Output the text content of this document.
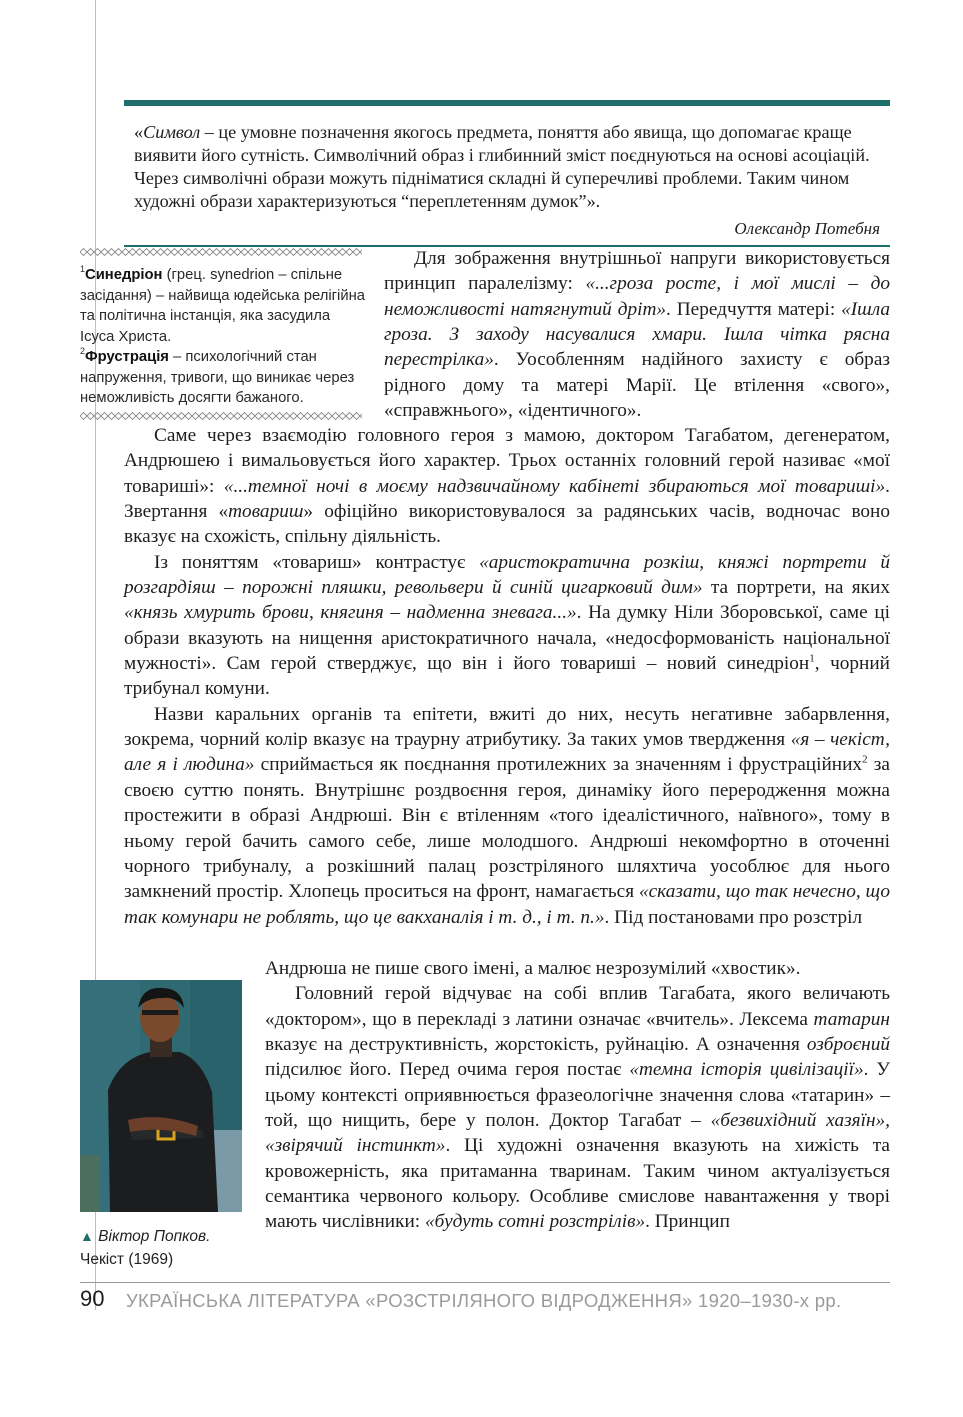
«Символ – це умовне позначення якогось предмета, поняття або явища, що допомагає краще виявити його сутність. Символічний образ і глибинний зміст поєднуються на основі асоціацій. Через символічні образи можуть підніматися складні й суперечливі проблеми. Таким чином художні образи характеризуються “переплетенням думок”».

Олександр Потебня

$^1$Синедріон (грец. synedrion – спільне засідання) – найвища юдейська релігійна та політична інстанція, яка засудила Ісуса Христа.

$^2$Фрустрація – психологічний стан напруження, тривоги, що виникає через неможливість досягти бажаного.

Для зображення внутрішньої напруги використовується принцип паралелізму: «...гроза росте, і мої мислі – до неможливості натягнутий дріт». Передчуття матері: «Ішла гроза. З заходу насувалися хмари. Ішла чітка рясна перестрілка». Уособленням надійного захисту є образ рідного дому та матері Марії. Це втілення «свого», «справжнього», «ідентичного».

Саме через взаємодію головного героя з мамою, доктором Тагабатом, дегенератом, Андрюшею і вимальовується його характер. Трьох останніх головний герой називає «мої товариші»: «...темної ночі в моєму надзвичайному кабінеті збираються мої товариші». Звертання «товариш» офіційно використовувалося за радянських часів, водночас воно вказує на схожість, спільну діяльність.

Із поняттям «товариш» контрастує «аристократична розкіш, княжі портрети й розгардіяш – порожні пляшки, револьвери й синій цигарковий дим» та портрети, на яких «князь хмурить брови, княгиня – надменна зневага...». На думку Ніли Зборовської, саме ці образи вказують на нищення аристократичного начала, «недосформованість національної мужності». Сам герой стверджує, що він і його товариші – новий синедріон$^1$, чорний трибунал комуни.

Назви каральних органів та епітети, вжиті до них, несуть негативне забарвлення, зокрема, чорний колір вказує на траурну атрибутику. За таких умов твердження «я – чекіст, але я і людина» сприймається як поєднання протилежних за значенням і фрустраційних$^2$ за своєю суттю понять. Внутрішнє роздвоєння героя, динаміку його переродження можна простежити в образі Андрюші. Він є втіленням «того ідеалістичного, наївного», тому в ньому герой бачить самого себе, лише молодшого. Андрюші некомфортно в оточенні чорного трибуналу, а розкішний палац розстріляного шляхтича уособлює для нього замкнений простір. Хлопець проситься на фронт, намагається «сказати, що так нечесно, що так комунари не роблять, що це вакханалія і т. д., і т. п.». Під постановами про розстріл

Андрюша не пише свого імені, а малює незрозумілий «хвостик».

Головний герой відчуває на собі вплив Тагабата, якого величають «доктором», що в перекладі з латини означає «вчитель». Лексема татарин вказує на деструктивність, жорстокість, руйнацію. А означення озброєний підсилює його. Перед очима героя постає «темна історія цивілізації». У цьому контексті оприявнюється фразеологічне значення слова «татарин» – той, що нищить, бере у полон. Доктор Тагабат – «безвихідний хазяїн», «звірячий інстинкт». Ці художні означення вказують на хижість та кровожерність, яка притаманна тваринам. Таким чином актуалізується семантика червоного кольору. Особливе смислове навантаження у творі мають числівники: «будуть сотні розстрілів». Принцип

▲ Віктор Попков.
Чекіст (1969)
90 УКРАЇНСЬКА ЛІТЕРАТУРА «РОЗСТРІЛЯНОГО ВІДРОДЖЕННЯ» 1920–1930-х рр.
